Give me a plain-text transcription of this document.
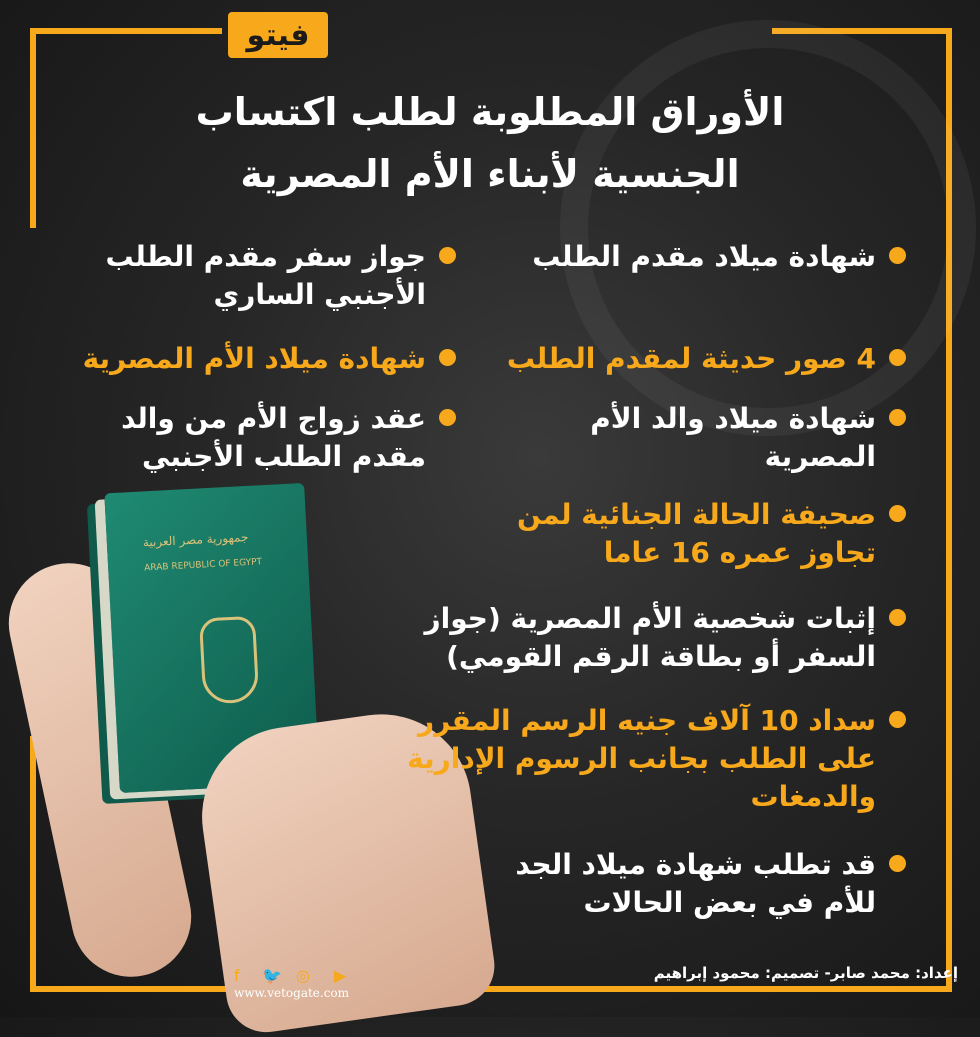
فيتو
الأوراق المطلوبة لطلب اكتساب
الجنسية لأبناء الأم المصرية
جمهورية مصر العربية
ARAB REPUBLIC OF EGYPT
شهادة ميلاد مقدم الطلب
4 صور حديثة لمقدم الطلب
شهادة ميلاد والد الأم
المصرية
صحيفة الحالة الجنائية لمن
تجاوز عمره 16 عاما
إثبات شخصية الأم المصرية (جواز
السفر أو بطاقة الرقم القومي)
سداد 10 آلاف جنيه الرسم المقرر
على الطلب بجانب الرسوم الإدارية
والدمغات
قد تطلب شهادة ميلاد الجد
للأم في بعض الحالات
جواز سفر مقدم الطلب
الأجنبي الساري
شهادة ميلاد الأم المصرية
عقد زواج الأم من والد
مقدم الطلب الأجنبي
إعداد: محمد صابر- تصميم: محمود إبراهيم
f 🐦 ◎ ▶
www.vetogate.com
